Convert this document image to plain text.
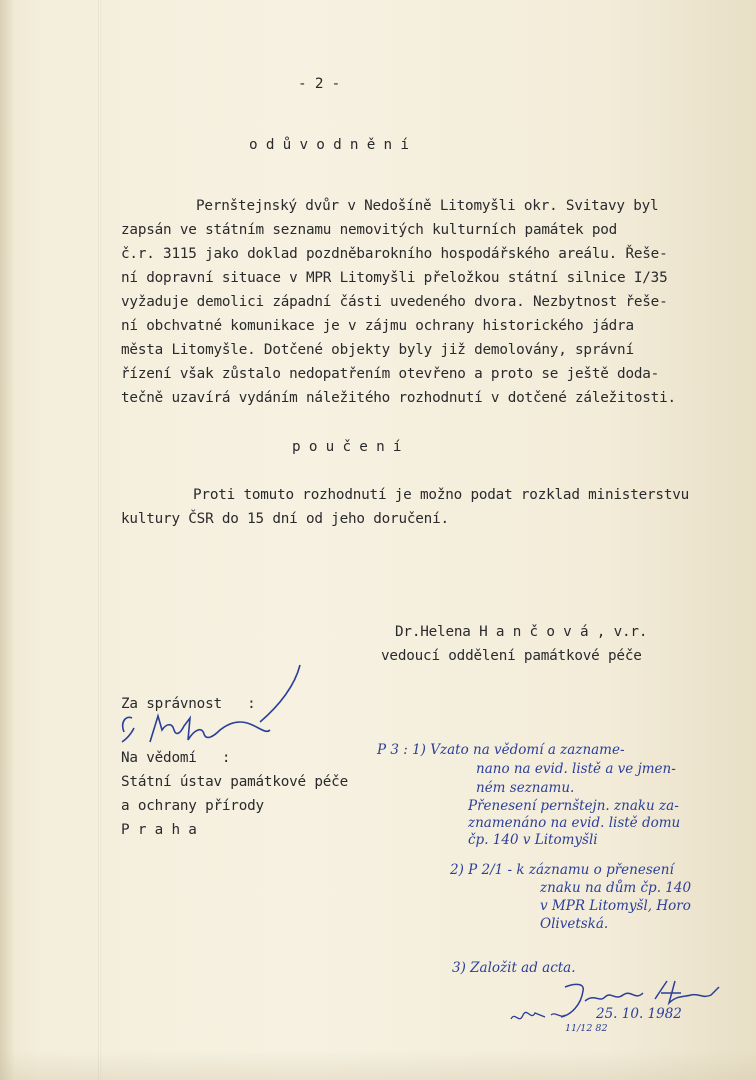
- 2 -
o d ů v o d n ě n í
Pernštejnský dvůr v Nedošíně Litomyšli okr. Svitavy byl
zapsán ve státním seznamu nemovitých kulturních památek pod
č.r. 3115 jako doklad pozdněbarokního hospodářského areálu. Řeše-
ní dopravní situace v MPR Litomyšli přeložkou státní silnice I/35
vyžaduje demolici západní části uvedeného dvora. Nezbytnost řeše-
ní obchvatné komunikace je v zájmu ochrany historického jádra
města Litomyšle. Dotčené objekty byly již demolovány, správní
řízení však zůstalo nedopatřením otevřeno a proto se ještě doda-
tečně uzavírá vydáním náležitého rozhodnutí v dotčené záležitosti.
p o u č e n í
Proti tomuto rozhodnutí je možno podat rozklad ministerstvu
kultury ČSR do 15 dní od jeho doručení.
Dr.Helena H a n č o v á , v.r.
vedoucí oddělení památkové péče
Za správnost   :
Na vědomí   :
Státní ústav památkové péče
a ochrany přírody
P r a h a
P 3 : 1) Vzato na vědomí a zazname-
nano na evid. listě a ve jmen-
ném seznamu.
Přenesení pernštejn. znaku za-
znamenáno na evid. listě domu
čp. 140 v Litomyšli
2) P 2/1 - k záznamu o přenesení
znaku na dům čp. 140
v MPR Litomyšl, Horo
Olivetská.
3) Založit ad acta.
25. 10. 1982
11/12 82
